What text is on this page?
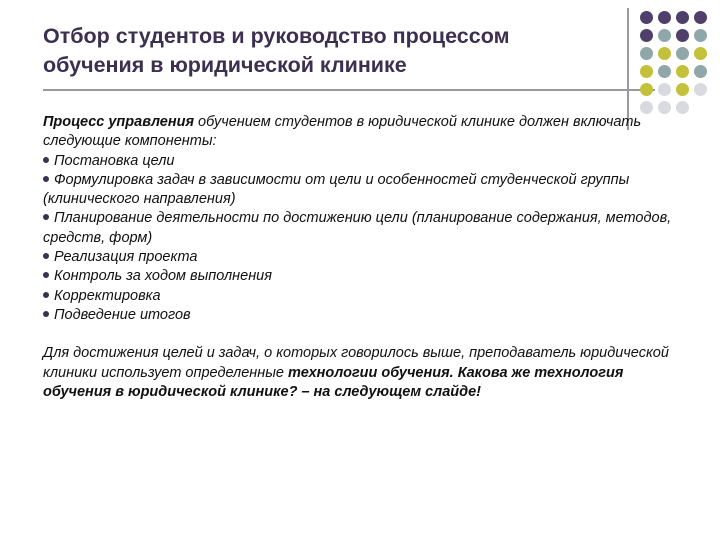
Отбор студентов и руководство процессом
обучения в юридической клинике

Процесс управления обучением студентов в юридической клинике должен включать следующие компоненты:

Постановка цели

Формулировка задач в зависимости от цели и особенностей студенческой группы (клинического направления)

Планирование деятельности по достижению цели (планирование содержания, методов, средств, форм)

Реализация проекта

Контроль за ходом выполнения

Корректировка

Подведение итогов

Для достижения целей и задач, о которых говорилось выше, преподаватель юридической клиники использует определенные технологии обучения. Какова же технология обучения в юридической клинике? – на следующем слайде!
